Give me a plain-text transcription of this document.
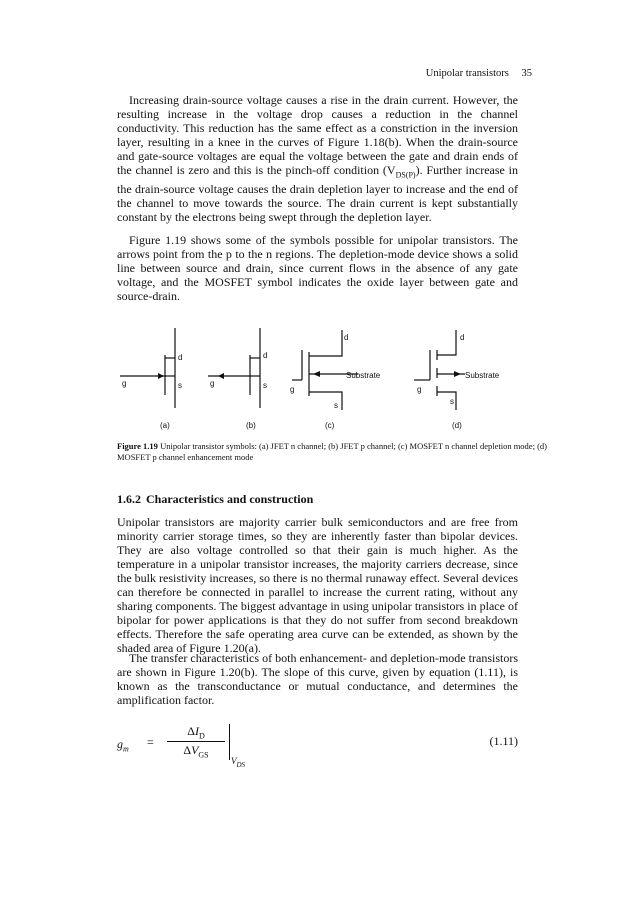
Unipolar transistors 35

Increasing drain-source voltage causes a rise in the drain current. However, the resulting increase in the voltage drop causes a reduction in the channel conductivity. This reduction has the same effect as a constriction in the inversion layer, resulting in a knee in the curves of Figure 1.18(b). When the drain-source and gate-source voltages are equal the voltage between the gate and drain ends of the channel is zero and this is the pinch-off condition $(V_{DS(P)})$. Further increase in the drain-source voltage causes the drain depletion layer to increase and the end of the channel to move towards the source. The drain current is kept substantially constant by the electrons being swept through the depletion layer.

Figure 1.19 shows some of the symbols possible for unipolar transistors. The arrows point from the p to the n regions. The depletion-mode device shows a solid line between source and drain, since current flows in the absence of any gate voltage, and the MOSFET symbol indicates the oxide layer between gate and source-drain.

d
s
g
(a)
d
s
g
(b)
d
Substrate
s
g
(c)
d
Substrate
s
g
(d)
Figure 1.19 Unipolar transistor symbols: (a) JFET n channel; (b) JFET p channel; (c) MOSFET n channel depletion mode; (d) MOSFET p channel enhancement mode
1.6.2 Characteristics and construction

Unipolar transistors are majority carrier bulk semiconductors and are free from minority carrier storage times, so they are inherently faster than bipolar devices. They are also voltage controlled so that their gain is much higher. As the temperature in a unipolar transistor increases, the majority carriers decrease, since the bulk resistivity increases, so there is no thermal runaway effect. Several devices can therefore be connected in parallel to increase the current rating, without any sharing components. The biggest advantage in using unipolar transistors in place of bipolar for power applications is that they do not suffer from second breakdown effects. Therefore the safe operating area curve can be extended, as shown by the shaded area of Figure 1.20(a).

The transfer characteristics of both enhancement- and depletion-mode transistors are shown in Figure 1.20(b). The slope of this curve, given by equation (1.11), is known as the transconductance or mutual conductance, and determines the amplification factor.

$g_m$ =
$\Delta I_D$
$\Delta V_{GS}$
$V_{DS}$
(1.11)
